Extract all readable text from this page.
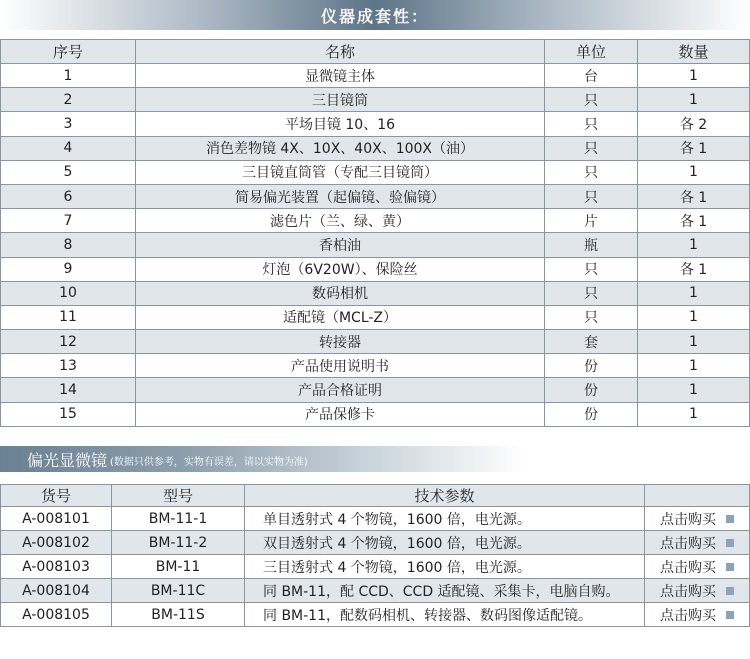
仪器成套性：
序号	名称	单位	数量
1	显微镜主体	台	1
2	三目镜筒	只	1
3	平场目镜 10、16	只	各 2
4	消色差物镜 4X、10X、40X、100X（油）	只	各 1
5	三目镜直筒管（专配三目镜筒）	只	1
6	简易偏光装置（起偏镜、验偏镜）	只	各 1
7	滤色片（兰、绿、黄）	片	各 1
8	香柏油	瓶	1
9	灯泡（6V20W）、保险丝	只	各 1
10	数码相机	只	1
11	适配镜（MCL-Z）	只	1
12	转接器	套	1
13	产品使用说明书	份	1
14	产品合格证明	份	1
15	产品保修卡	份	1
偏光显微镜 (数据只供参考，实物有误差，请以实物为准)
货号	型号	技术参数	
A-008101	BM-11-1	单目透射式 4 个物镜，1600 倍，电光源。	点击购买

A-008102	BM-11-2	双目透射式 4 个物镜，1600 倍，电光源。	点击购买

A-008103	BM-11	三目透射式 4 个物镜，1600 倍，电光源。	点击购买

A-008104	BM-11C	同 BM-11，配 CCD、CCD 适配镜、采集卡，电脑自购。	点击购买

A-008105	BM-11S	同 BM-11，配数码相机、转接器、数码图像适配镜。	点击购买
